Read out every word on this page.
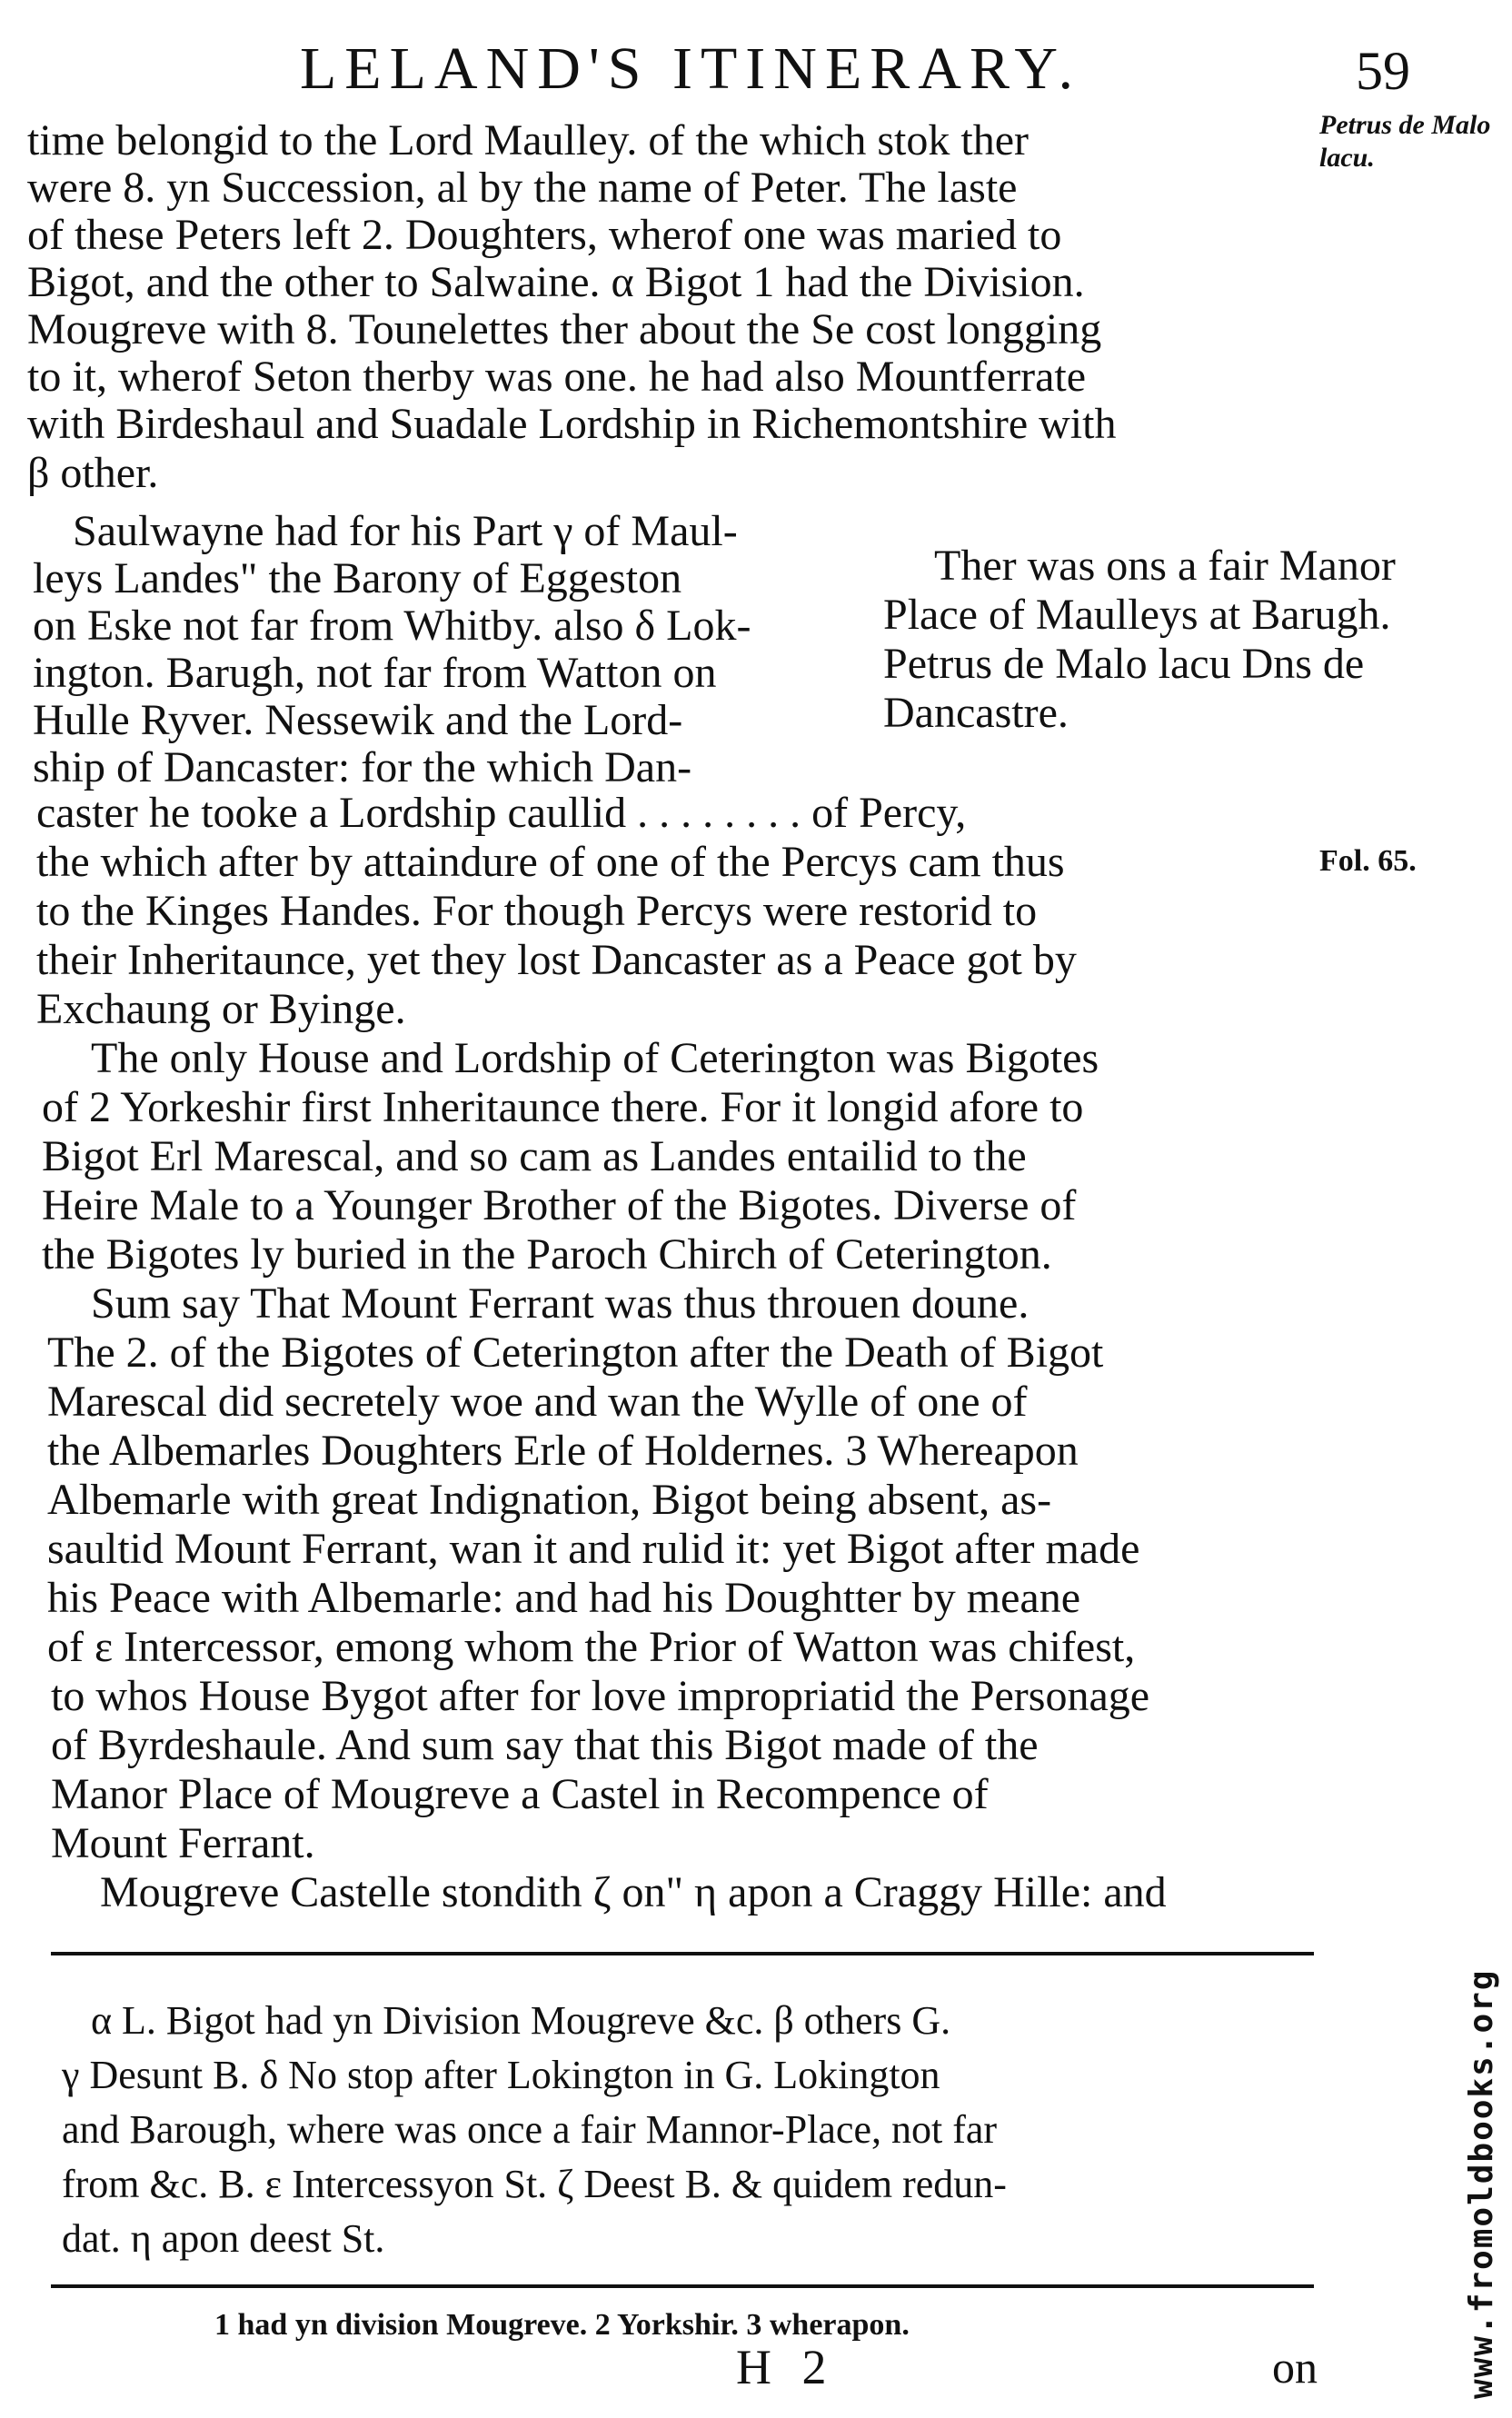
LELAND'S ITINERARY.	59
Petrus de Malo lacu.
Fol. 65.
time belongid to the Lord Maulley. of the which stok ther
were 8. yn Succession, al by the name of Peter. The laste
of these Peters left 2. Doughters, wherof one was maried to
Bigot, and the other to Salwaine. α Bigot 1 had the Division.
Mougreve with 8. Tounelettes ther about the Se cost longging
to it, wherof Seton therby was one. he had also Mountferrate
with Birdeshaul and Suadale Lordship in Richemontshire with
β other.
Saulwayne had for his Part γ of Maul-
leys Landes" the Barony of Eggeston
on Eske not far from Whitby. also δ Lok-
ington. Barugh, not far from Watton on
Hulle Ryver. Nessewik and the Lord-
ship of Dancaster: for the which Dan-
Ther was ons a fair Manor
Place of Maulleys at Barugh.
Petrus de Malo lacu Dns de
Dancastre.
caster he tooke a Lordship caullid . . . . . . . . of Percy,
the which after by attaindure of one of the Percys cam thus
to the Kinges Handes. For though Percys were restorid to
their Inheritaunce, yet they lost Dancaster as a Peace got by
Exchaung or Byinge.
The only House and Lordship of Ceterington was Bigotes
of 2 Yorkeshir first Inheritaunce there. For it longid afore to
Bigot Erl Marescal, and so cam as Landes entailid to the
Heire Male to a Younger Brother of the Bigotes. Diverse of
the Bigotes ly buried in the Paroch Chirch of Ceterington.
Sum say That Mount Ferrant was thus throuen doune.
The 2. of the Bigotes of Ceterington after the Death of Bigot
Marescal did secretely woe and wan the Wylle of one of
the Albemarles Doughters Erle of Holdernes. 3 Whereapon
Albemarle with great Indignation, Bigot being absent, as-
saultid Mount Ferrant, wan it and rulid it: yet Bigot after made
his Peace with Albemarle: and had his Doughtter by meane
of ε Intercessor, emong whom the Prior of Watton was chifest,
to whos House Bygot after for love impropriatid the Personage
of Byrdeshaule. And sum say that this Bigot made of the
Manor Place of Mougreve a Castel in Recompence of
Mount Ferrant.
Mougreve Castelle stondith ζ on" η apon a Craggy Hille: and
α L. Bigot had yn Division Mougreve &c. β others G.
γ Desunt B. δ No stop after Lokington in G. Lokington
and Barough, where was once a fair Mannor-Place, not far
from &c. B. ε Intercessyon St. ζ Deest B. & quidem redun-
dat. η apon deest St.
1 had yn division Mougreve. 2 Yorkshir. 3 wherapon.
H 2	on	www.fromoldbooks.org
